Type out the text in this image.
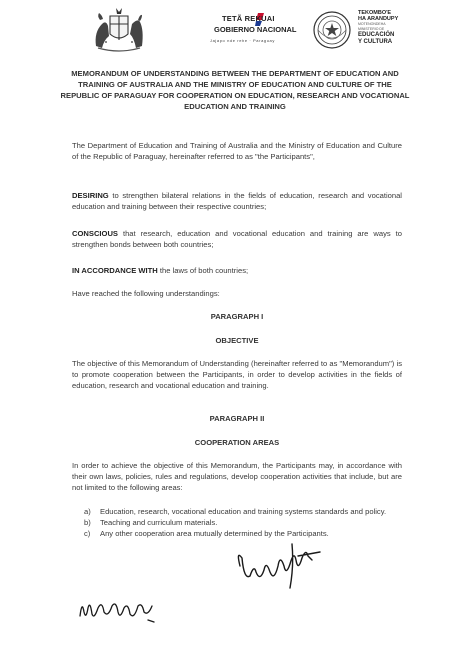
TETÃ REKUAI
GOBIERNO NACIONAL
Jajapo nde rehe · Paraguay
TEKOMBO'E
HA ARANDUPY
MOTENONDEHA
MINISTERIO DE
EDUCACIÓN
Y CULTURA
MEMORANDUM OF UNDERSTANDING BETWEEN THE DEPARTMENT OF EDUCATION AND TRAINING OF AUSTRALIA AND THE MINISTRY OF EDUCATION AND CULTURE OF THE REPUBLIC OF PARAGUAY FOR COOPERATION ON EDUCATION, RESEARCH AND VOCATIONAL EDUCATION AND TRAINING
The Department of Education and Training of Australia and the Ministry of Education and Culture of the Republic of Paraguay, hereinafter referred to as "the Participants",
DESIRING to strengthen bilateral relations in the fields of education, research and vocational education and training between their respective countries;
CONSCIOUS that research, education and vocational education and training are ways to strengthen bonds between both countries;
IN ACCORDANCE WITH the laws of both countries;
Have reached the following understandings:
PARAGRAPH I
OBJECTIVE
The objective of this Memorandum of Understanding (hereinafter referred to as "Memorandum") is to promote cooperation between the Participants, in order to develop activities in the fields of education, research and vocational education and training.
PARAGRAPH II
COOPERATION AREAS
In order to achieve the objective of this Memorandum, the Participants may, in accordance with their own laws, policies, rules and regulations, develop cooperation activities that include, but are not limited to the following areas:
a) Education, research, vocational education and training systems standards and policy.
b) Teaching and curriculum materials.
c) Any other cooperation area mutually determined by the Participants.
